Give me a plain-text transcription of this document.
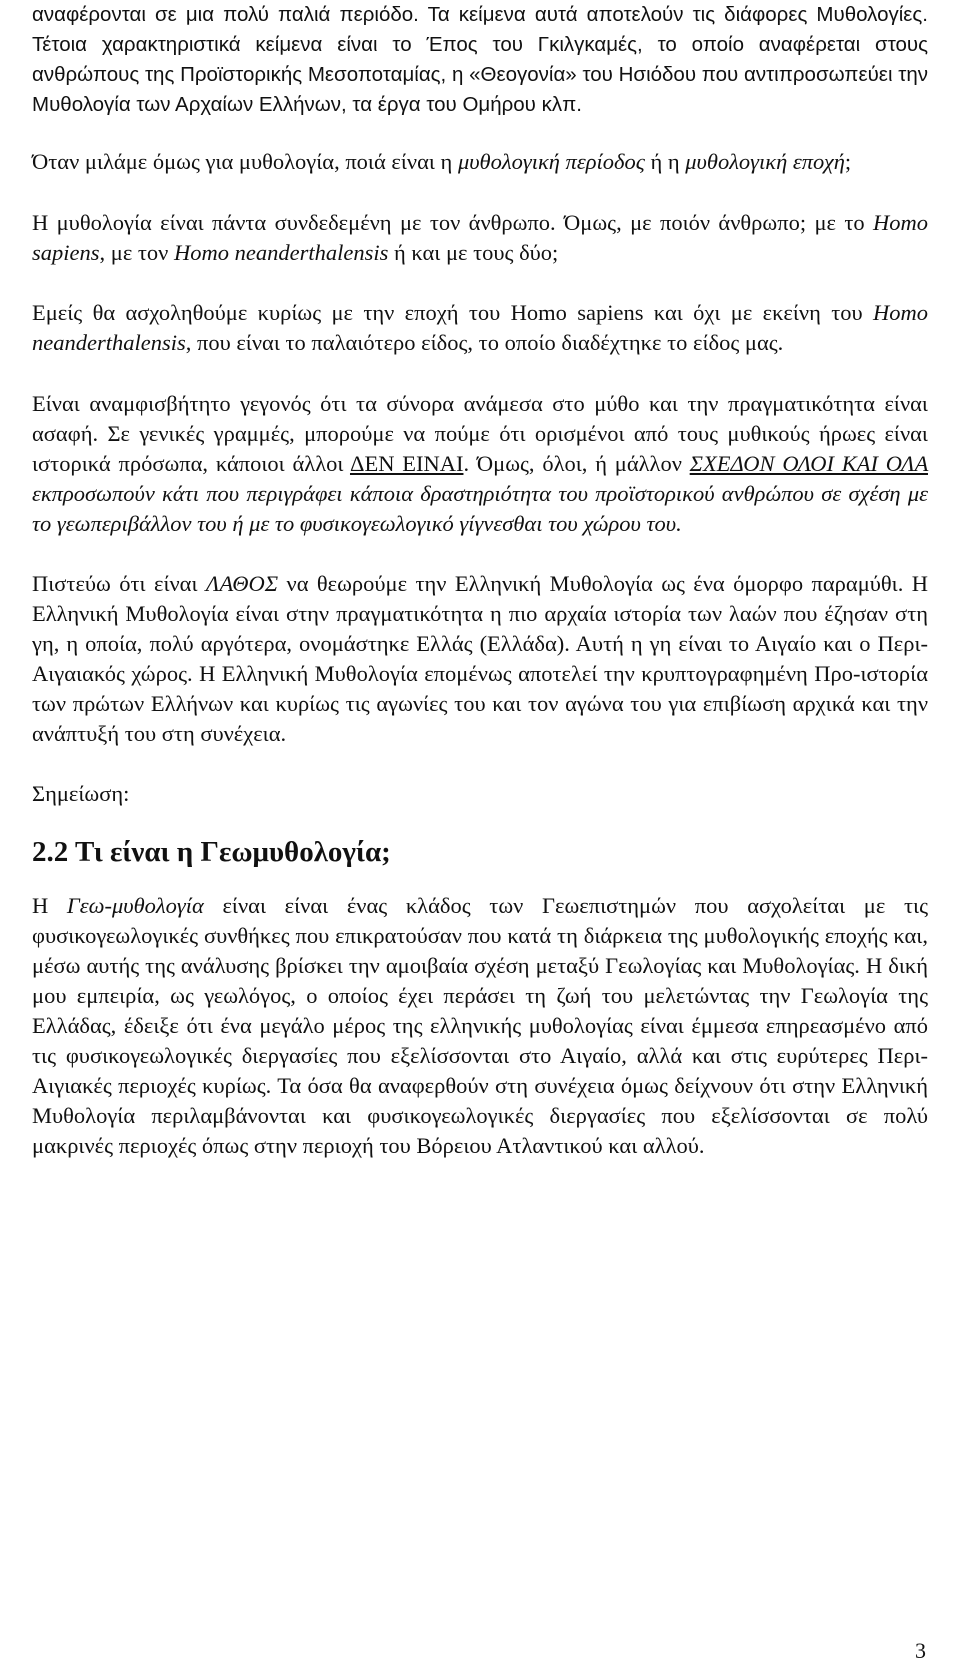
αναφέρονται σε μια πολύ παλιά περιόδο. Τα κείμενα αυτά αποτελούν τις διάφορες Μυθολογίες. Τέτοια χαρακτηριστικά κείμενα είναι το Έπος του Γκιλγκαμές, το οποίο αναφέρεται στους ανθρώπους της Προϊστορικής Μεσοποταμίας, η «Θεογονία» του Ησιόδου που αντιπροσωπεύει την Μυθολογία των Αρχαίων Ελλήνων, τα έργα του Ομήρου κλπ.

Όταν μιλάμε όμως για μυθολογία, ποιά είναι η μυθολογική περίοδος ή η μυθολογική εποχή;

Η μυθολογία είναι πάντα συνδεδεμένη με τον άνθρωπο. Όμως, με ποιόν άνθρωπο; με το Homo sapiens, με τον Homo neanderthalensis ή και με τους δύο;

Εμείς θα ασχοληθούμε κυρίως με την εποχή του Homo sapiens και όχι με εκείνη του Homo neanderthalensis, που είναι το παλαιότερο είδος, το οποίο διαδέχτηκε το είδος μας.

Είναι αναμφισβήτητο γεγονός ότι τα σύνορα ανάμεσα στο μύθο και την πραγματικότητα είναι ασαφή. Σε γενικές γραμμές, μπορούμε να πούμε ότι ορισμένοι από τους μυθικούς ήρωες είναι ιστορικά πρόσωπα, κάποιοι άλλοι ΔΕΝ ΕΙΝΑΙ. Όμως, όλοι, ή μάλλον ΣΧΕΔΟΝ ΟΛΟΙ ΚΑΙ ΟΛΑ εκπροσωπούν κάτι που περιγράφει κάποια δραστηριότητα του προϊστορικού ανθρώπου σε σχέση με το γεωπεριβάλλον του ή με το φυσικογεωλογικό γίγνεσθαι του χώρου του.

Πιστεύω ότι είναι ΛΑΘΟΣ να θεωρούμε την Ελληνική Μυθολογία ως ένα όμορφο παραμύθι. Η Ελληνική Μυθολογία είναι στην πραγματικότητα η πιο αρχαία ιστορία των λαών που έζησαν στη γη, η οποία, πολύ αργότερα, ονομάστηκε Ελλάς (Ελλάδα). Αυτή η γη είναι το Αιγαίο και ο Περι-Αιγαιακός χώρος. Η Ελληνική Μυθολογία επομένως αποτελεί την κρυπτογραφημένη Προ-ιστορία των πρώτων Ελλήνων και κυρίως τις αγωνίες του και τον αγώνα του για επιβίωση αρχικά και την ανάπτυξή του στη συνέχεια.

Σημείωση:

2.2 Τι είναι η Γεωμυθολογία;

Η Γεω-μυθολογία είναι είναι ένας κλάδος των Γεωεπιστημών που ασχολείται με τις φυσικογεωλογικές συνθήκες που επικρατούσαν που κατά τη διάρκεια της μυθολογικής εποχής και, μέσω αυτής της ανάλυσης βρίσκει την αμοιβαία σχέση μεταξύ Γεωλογίας και Μυθολογίας. Η δική μου εμπειρία, ως γεωλόγος, ο οποίος έχει περάσει τη ζωή του μελετώντας την Γεωλογία της Ελλάδας, έδειξε ότι ένα μεγάλο μέρος της ελληνικής μυθολογίας είναι έμμεσα επηρεασμένο από τις φυσικογεωλογικές διεργασίες που εξελίσσονται στο Αιγαίο, αλλά και στις ευρύτερες Περι-Αιγιακές περιοχές κυρίως. Τα όσα θα αναφερθούν στη συνέχεια όμως δείχνουν ότι στην Ελληνική Μυθολογία περιλαμβάνονται και φυσικογεωλογικές διεργασίες που εξελίσσονται σε πολύ μακρινές περιοχές όπως στην περιοχή του Βόρειου Ατλαντικού και αλλού.

3
